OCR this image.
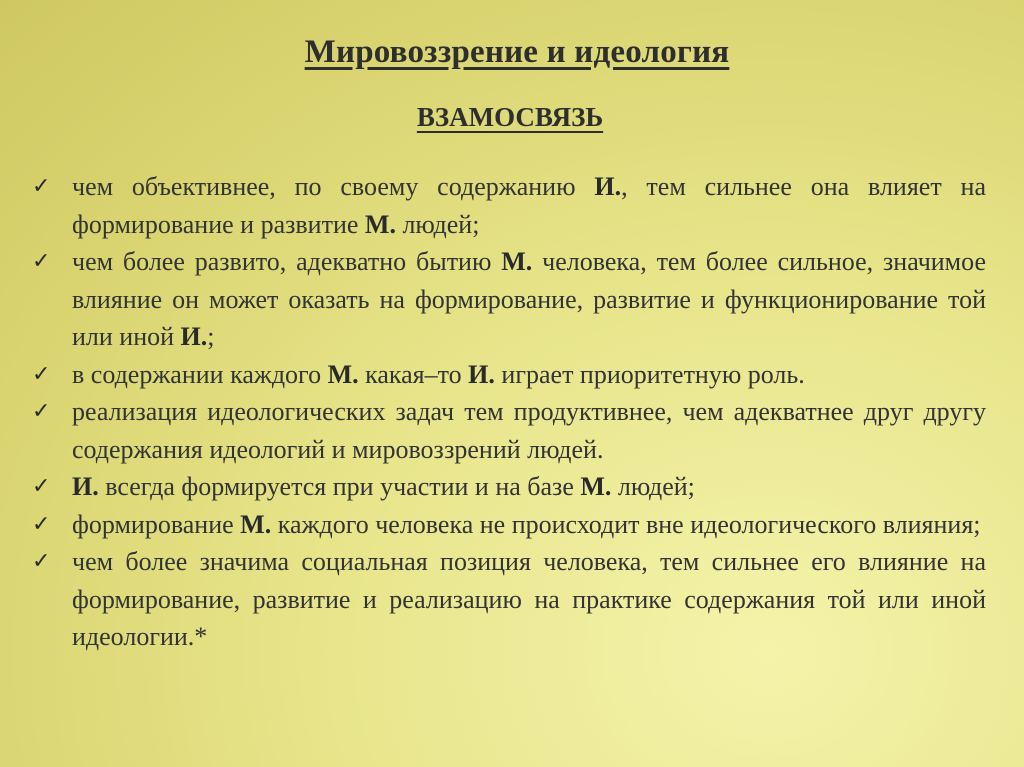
Мировоззрение и идеология
ВЗАМОСВЯЗЬ
✓ чем объективнее, по своему содержанию И., тем сильнее она влияет на формирование и развитие М. людей;
✓ чем более развито, адекватно бытию М. человека, тем более сильное, значимое влияние он может оказать на формирование, развитие и функционирование той или иной И.;
✓ в содержании каждого М. какая–то И. играет приоритетную роль.
✓ реализация идеологических задач тем продуктивнее, чем адекватнее друг другу содержания идеологий и мировоззрений людей.
✓ И. всегда формируется при участии и на базе М. людей;
✓ формирование М. каждого человека не происходит вне идеологического влияния;
✓ чем более значима социальная позиция человека, тем сильнее его влияние на формирование, развитие и реализацию на практике содержания той или иной идеологии.*
